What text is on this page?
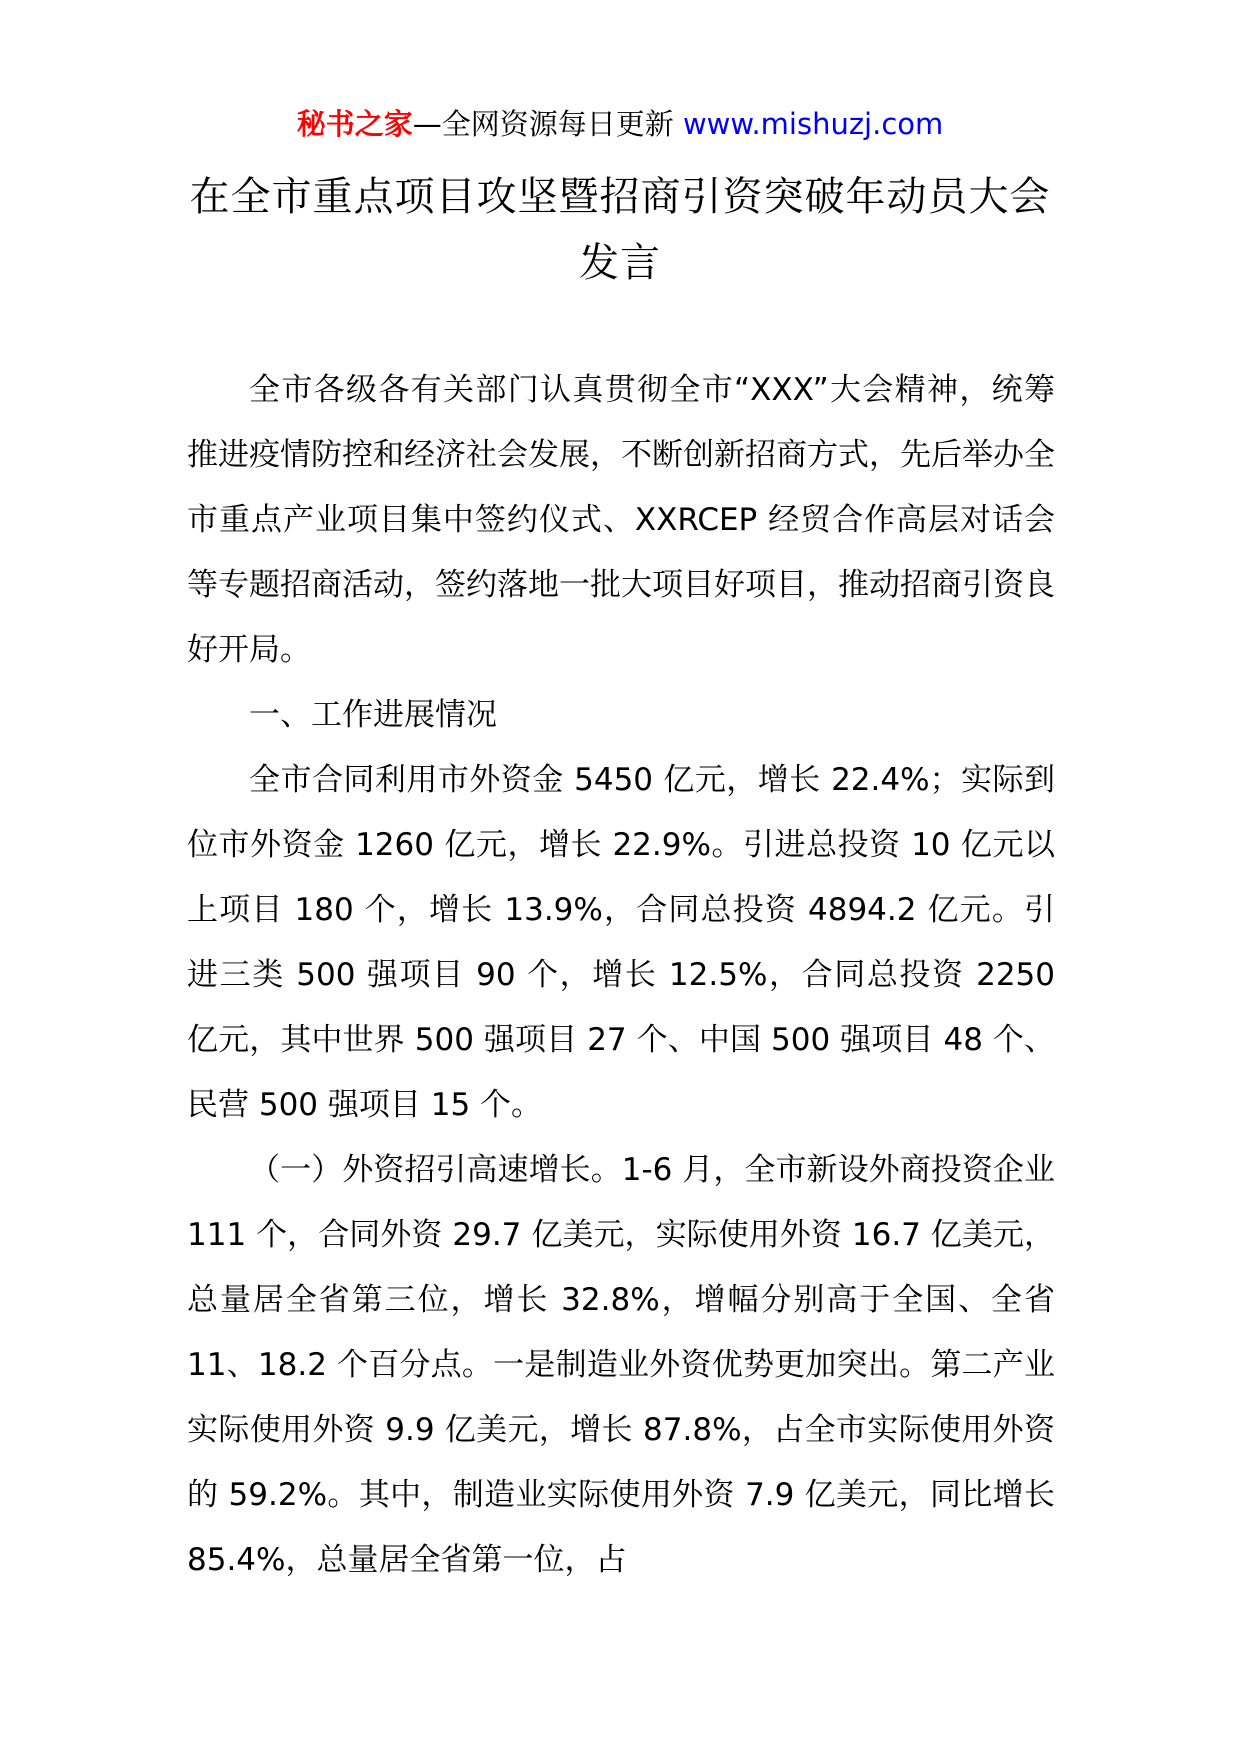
秘书之家—全网资源每日更新 www.mishuzj.com
在全市重点项目攻坚暨招商引资突破年动员大会发言

全市各级各有关部门认真贯彻全市“XXX”大会精神，统筹推进疫情防控和经济社会发展，不断创新招商方式，先后举办全市重点产业项目集中签约仪式、XXRCEP 经贸合作高层对话会等专题招商活动，签约落地一批大项目好项目，推动招商引资良好开局。

一、工作进展情况

全市合同利用市外资金 5450 亿元，增长 22.4%；实际到位市外资金 1260 亿元，增长 22.9%。引进总投资 10 亿元以上项目 180 个，增长 13.9%，合同总投资 4894.2 亿元。引进三类 500 强项目 90 个，增长 12.5%，合同总投资 2250 亿元，其中世界 500 强项目 27 个、中国 500 强项目 48 个、民营 500 强项目 15 个。

（一）外资招引高速增长。1-6 月，全市新设外商投资企业 111 个，合同外资 29.7 亿美元，实际使用外资 16.7 亿美元，总量居全省第三位，增长 32.8%，增幅分别高于全国、全省 11、18.2 个百分点。一是制造业外资优势更加突出。第二产业实际使用外资 9.9 亿美元，增长 87.8%，占全市实际使用外资的 59.2%。其中，制造业实际使用外资 7.9 亿美元，同比增长 85.4%，总量居全省第一位，占
